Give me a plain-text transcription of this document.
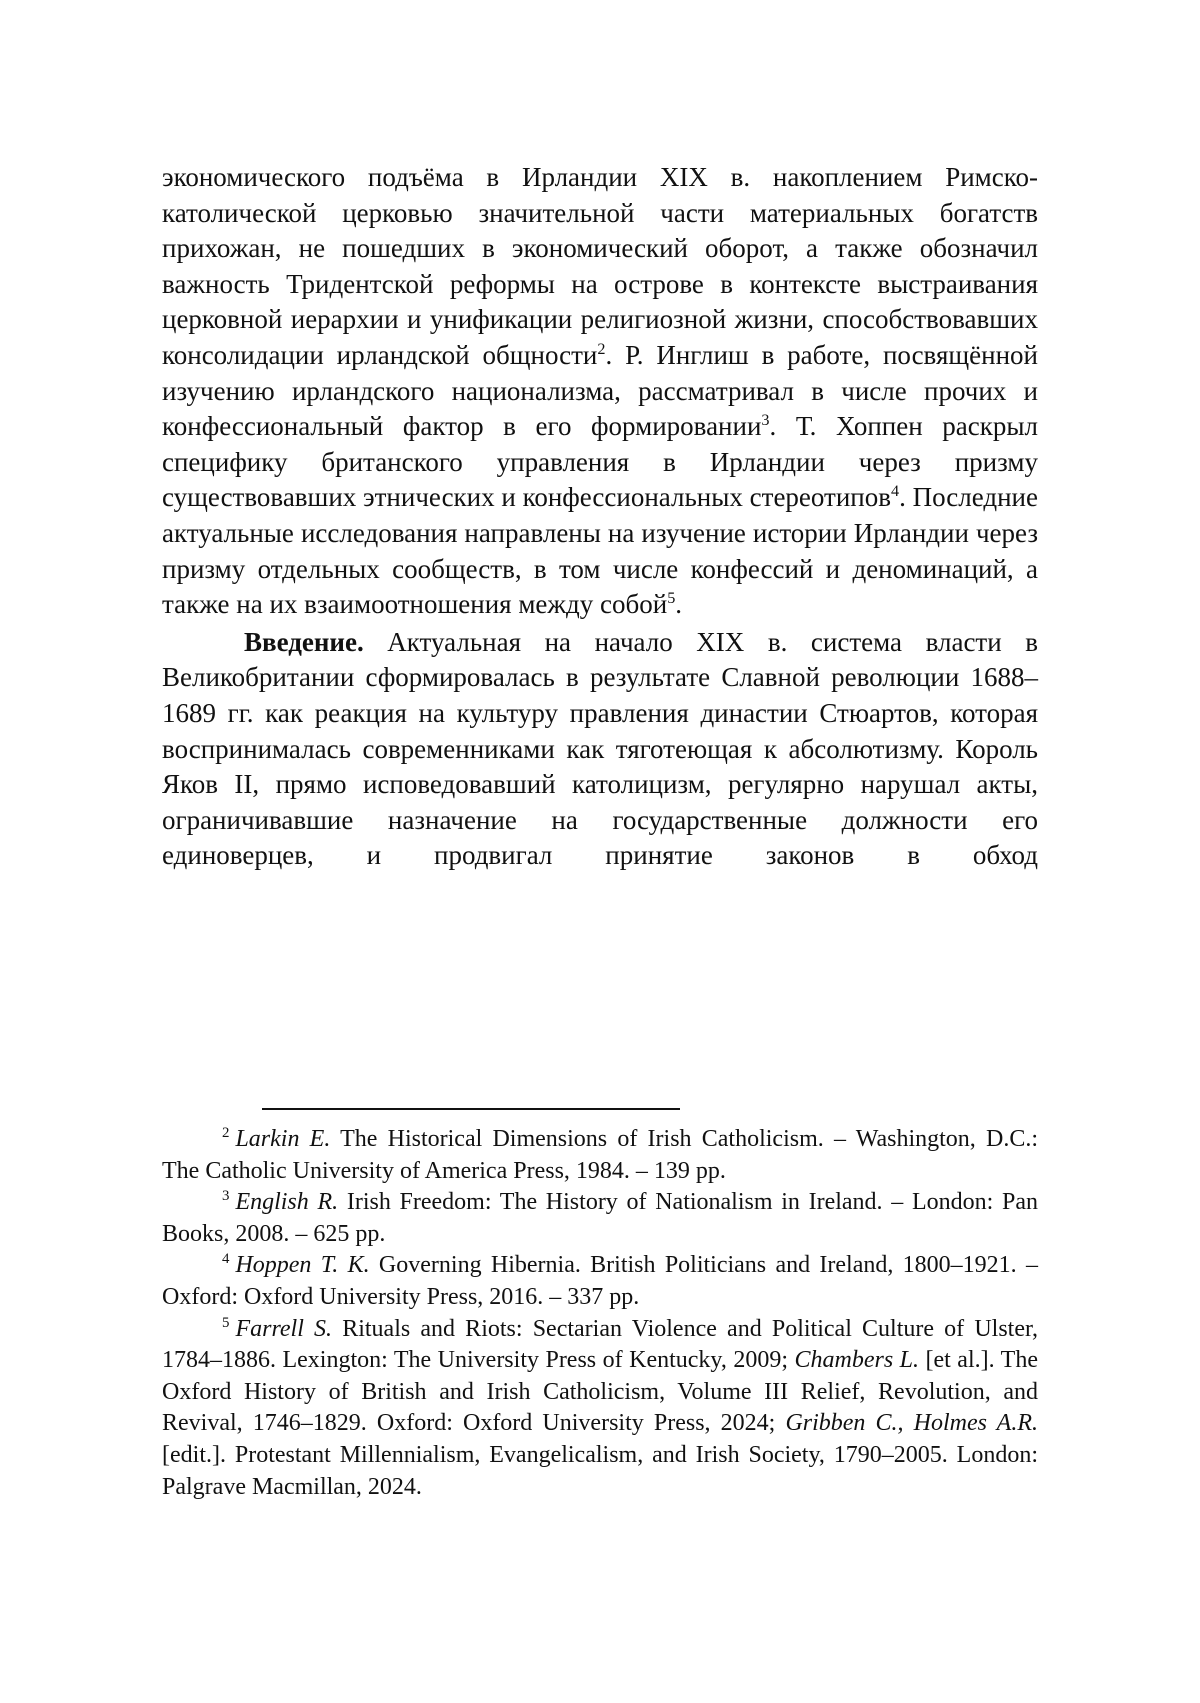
экономического подъёма в Ирландии XIX в. накоплением Римско-католической церковью значительной части материальных богатств прихожан, не пошедших в экономический оборот, а также обозначил важность Тридентской реформы на острове в контексте выстраивания церковной иерархии и унификации религиозной жизни, способствовавших консолидации ирландской общности$^2$. Р. Инглиш в работе, посвящённой изучению ирландского национализма, рассматривал в числе прочих и конфессиональный фактор в его формировании$^3$. Т. Хоппен раскрыл специфику британского управления в Ирландии через призму существовавших этнических и конфессиональных стереотипов$^4$. Последние актуальные исследования направлены на изучение истории Ирландии через призму отдельных сообществ, в том числе конфессий и деноминаций, а также на их взаимоотношения между собой$^5$.

Введение. Актуальная на начало XIX в. система власти в Великобритании сформировалась в результате Славной революции 1688–1689 гг. как реакция на культуру правления династии Стюартов, которая воспринималась современниками как тяготеющая к абсолютизму. Король Яков II, прямо исповедовавший католицизм, регулярно нарушал акты, ограничивавшие назначение на государственные должности его единоверцев, и продвигал принятие законов в обход

$^2$ Larkin E. The Historical Dimensions of Irish Catholicism. – Washington, D.C.: The Catholic University of America Press, 1984. – 139 pp.

$^3$ English R. Irish Freedom: The History of Nationalism in Ireland. – London: Pan Books, 2008. – 625 pp.

$^4$ Hoppen T. K. Governing Hibernia. British Politicians and Ireland, 1800–1921. – Oxford: Oxford University Press, 2016. – 337 pp.

$^5$ Farrell S. Rituals and Riots: Sectarian Violence and Political Culture of Ulster, 1784–1886. Lexington: The University Press of Kentucky, 2009; Chambers L. [et al.]. The Oxford History of British and Irish Catholicism, Volume III Relief, Revolution, and Revival, 1746–1829. Oxford: Oxford University Press, 2024; Gribben C., Holmes A.R. [edit.]. Protestant Millennialism, Evangelicalism, and Irish Society, 1790–2005. London: Palgrave Macmillan, 2024.
